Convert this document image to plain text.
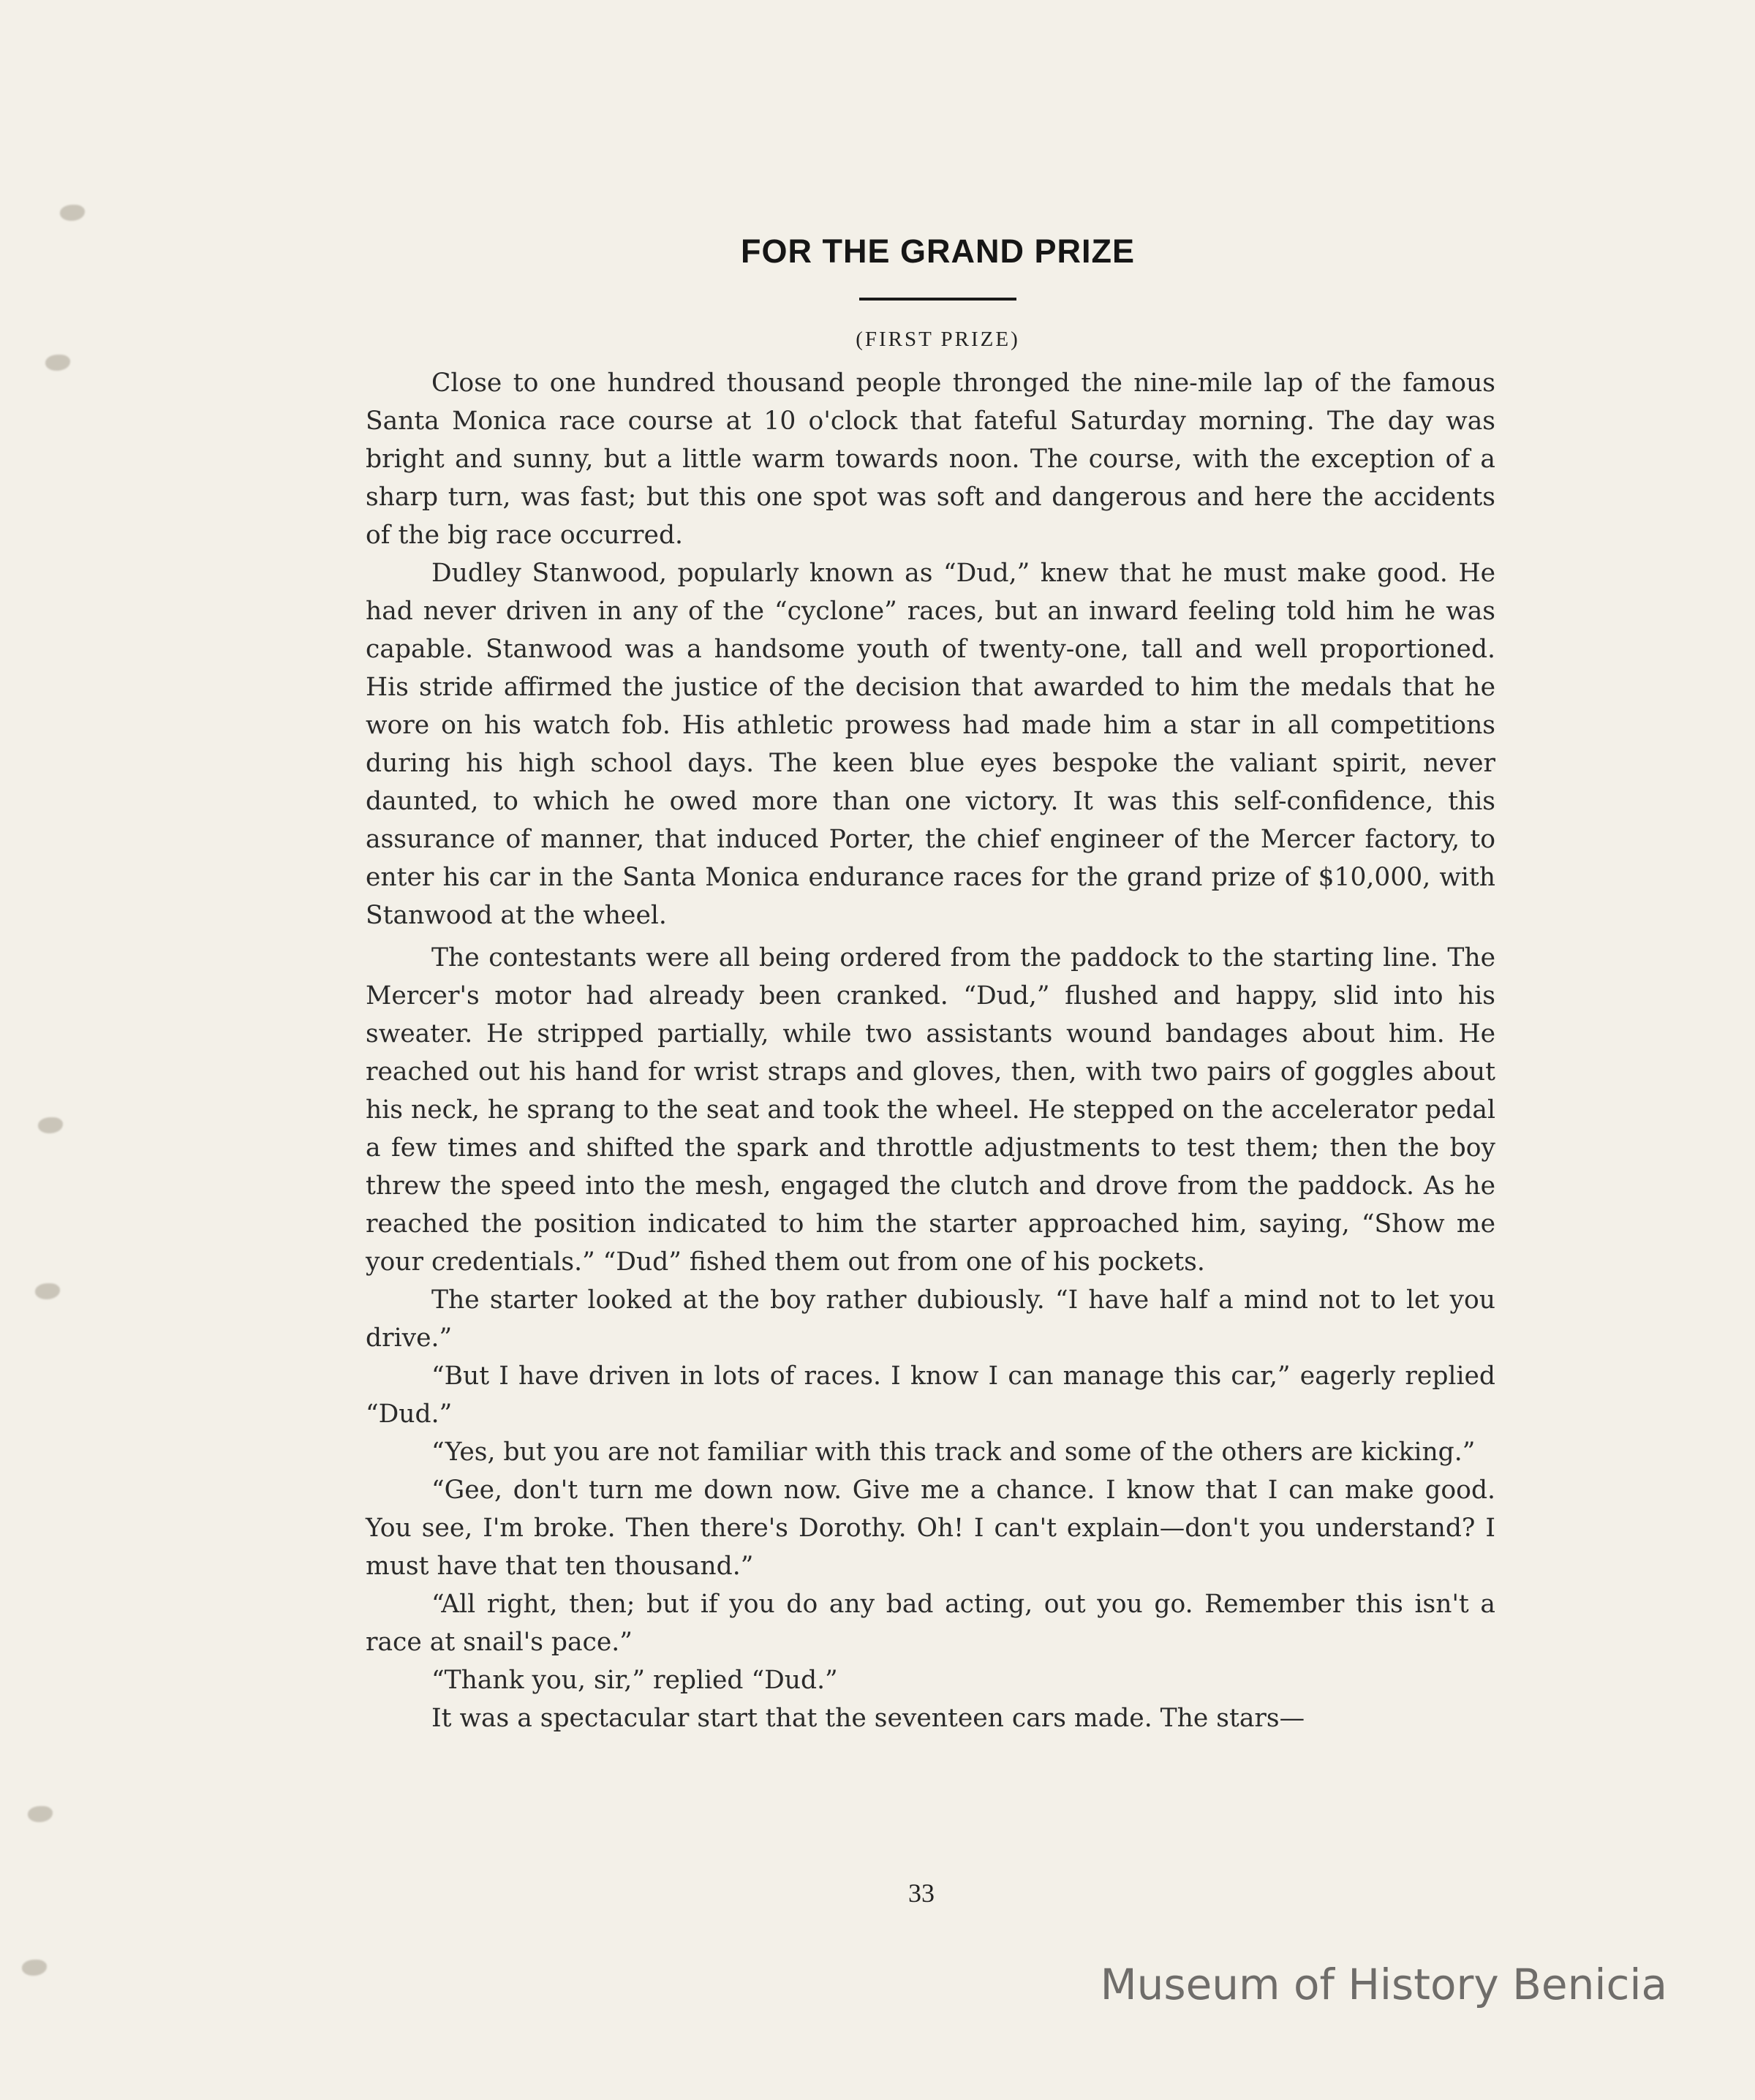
FOR THE GRAND PRIZE
(FIRST PRIZE)

Close to one hundred thousand people thronged the nine-mile lap of the famous Santa Monica race course at 10 o'clock that fateful Saturday morning. The day was bright and sunny, but a little warm towards noon. The course, with the exception of a sharp turn, was fast; but this one spot was soft and dangerous and here the accidents of the big race occurred.

Dudley Stanwood, popularly known as “Dud,” knew that he must make good. He had never driven in any of the “cyclone” races, but an inward feeling told him he was capable. Stanwood was a handsome youth of twenty-one, tall and well proportioned. His stride affirmed the justice of the decision that awarded to him the medals that he wore on his watch fob. His athletic prowess had made him a star in all competitions during his high school days. The keen blue eyes bespoke the valiant spirit, never daunted, to which he owed more than one victory. It was this self-confidence, this assurance of manner, that induced Porter, the chief engineer of the Mercer factory, to enter his car in the Santa Monica endurance races for the grand prize of $10,000, with Stanwood at the wheel.

The contestants were all being ordered from the paddock to the starting line. The Mercer's motor had already been cranked. “Dud,” flushed and happy, slid into his sweater. He stripped partially, while two assistants wound bandages about him. He reached out his hand for wrist straps and gloves, then, with two pairs of goggles about his neck, he sprang to the seat and took the wheel. He stepped on the accelerator pedal a few times and shifted the spark and throttle adjustments to test them; then the boy threw the speed into the mesh, engaged the clutch and drove from the paddock. As he reached the position indicated to him the starter approached him, saying, “Show me your credentials.” “Dud” fished them out from one of his pockets.

The starter looked at the boy rather dubiously. “I have half a mind not to let you drive.”

“But I have driven in lots of races. I know I can manage this car,” eagerly replied “Dud.”

“Yes, but you are not familiar with this track and some of the others are kicking.”

“Gee, don't turn me down now. Give me a chance. I know that I can make good. You see, I'm broke. Then there's Dorothy. Oh! I can't explain—don't you understand? I must have that ten thousand.”

“All right, then; but if you do any bad acting, out you go. Remember this isn't a race at snail's pace.”

“Thank you, sir,” replied “Dud.”

It was a spectacular start that the seventeen cars made. The stars—

33
Museum of History Benicia
